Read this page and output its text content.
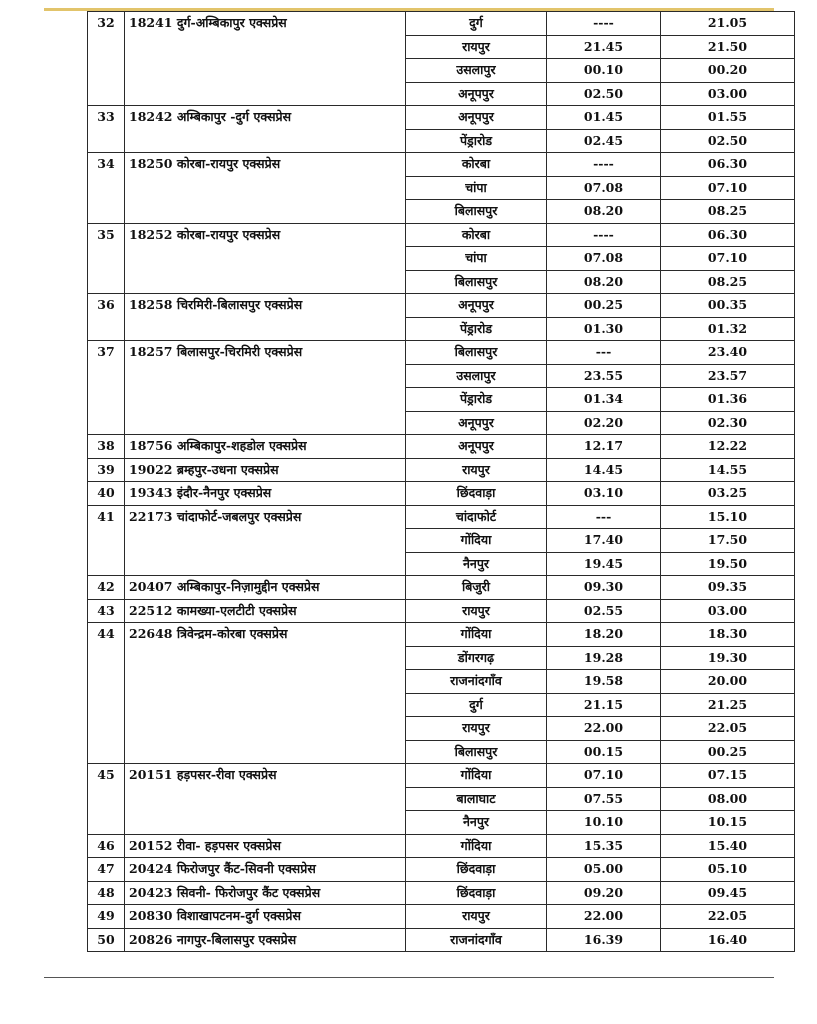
32	18241 दुर्ग-अम्बिकापुर एक्सप्रेस	दुर्ग	----	21.05
		रायपुर	21.45	21.50
		उसलापुर	00.10	00.20
		अनूपपुर	02.50	03.00
33	18242 अम्बिकापुर -दुर्ग एक्सप्रेस	अनूपपुर	01.45	01.55
		पेंड्रारोड	02.45	02.50
34	18250 कोरबा-रायपुर एक्सप्रेस	कोरबा	----	06.30
		चांपा	07.08	07.10
		बिलासपुर	08.20	08.25
35	18252 कोरबा-रायपुर एक्सप्रेस	कोरबा	----	06.30
		चांपा	07.08	07.10
		बिलासपुर	08.20	08.25
36	18258 चिरमिरी-बिलासपुर एक्सप्रेस	अनूपपुर	00.25	00.35
		पेंड्रारोड	01.30	01.32
37	18257 बिलासपुर-चिरमिरी एक्सप्रेस	बिलासपुर	---	23.40
		उसलापुर	23.55	23.57
		पेंड्रारोड	01.34	01.36
		अनूपपुर	02.20	02.30
38	18756 अम्बिकापुर-शहडोल एक्सप्रेस	अनूपपुर	12.17	12.22
39	19022 ब्रम्हपुर-उधना एक्सप्रेस	रायपुर	14.45	14.55
40	19343 इंदौर-नैनपुर एक्सप्रेस	छिंदवाड़ा	03.10	03.25
41	22173 चांदाफोर्ट-जबलपुर एक्सप्रेस	चांदाफोर्ट	---	15.10
		गोंदिया	17.40	17.50
		नैनपुर	19.45	19.50
42	20407 अम्बिकापुर-निज़ामुद्दीन एक्सप्रेस	बिजुरी	09.30	09.35
43	22512 कामख्या-एलटीटी एक्सप्रेस	रायपुर	02.55	03.00
44	22648 त्रिवेन्द्रम-कोरबा एक्सप्रेस	गोंदिया	18.20	18.30
		डोंगरगढ़	19.28	19.30
		राजनांदगाँव	19.58	20.00
		दुर्ग	21.15	21.25
		रायपुर	22.00	22.05
		बिलासपुर	00.15	00.25
45	20151 हड़पसर-रीवा एक्सप्रेस	गोंदिया	07.10	07.15
		बालाघाट	07.55	08.00
		नैनपुर	10.10	10.15
46	20152 रीवा- हड़पसर एक्सप्रेस	गोंदिया	15.35	15.40
47	20424 फिरोजपुर कैंट-सिवनी एक्सप्रेस	छिंदवाड़ा	05.00	05.10
48	20423 सिवनी- फिरोजपुर कैंट एक्सप्रेस	छिंदवाड़ा	09.20	09.45
49	20830 विशाखापटनम-दुर्ग एक्सप्रेस	रायपुर	22.00	22.05
50	20826 नागपुर-बिलासपुर एक्सप्रेस	राजनांदगाँव	16.39	16.40
